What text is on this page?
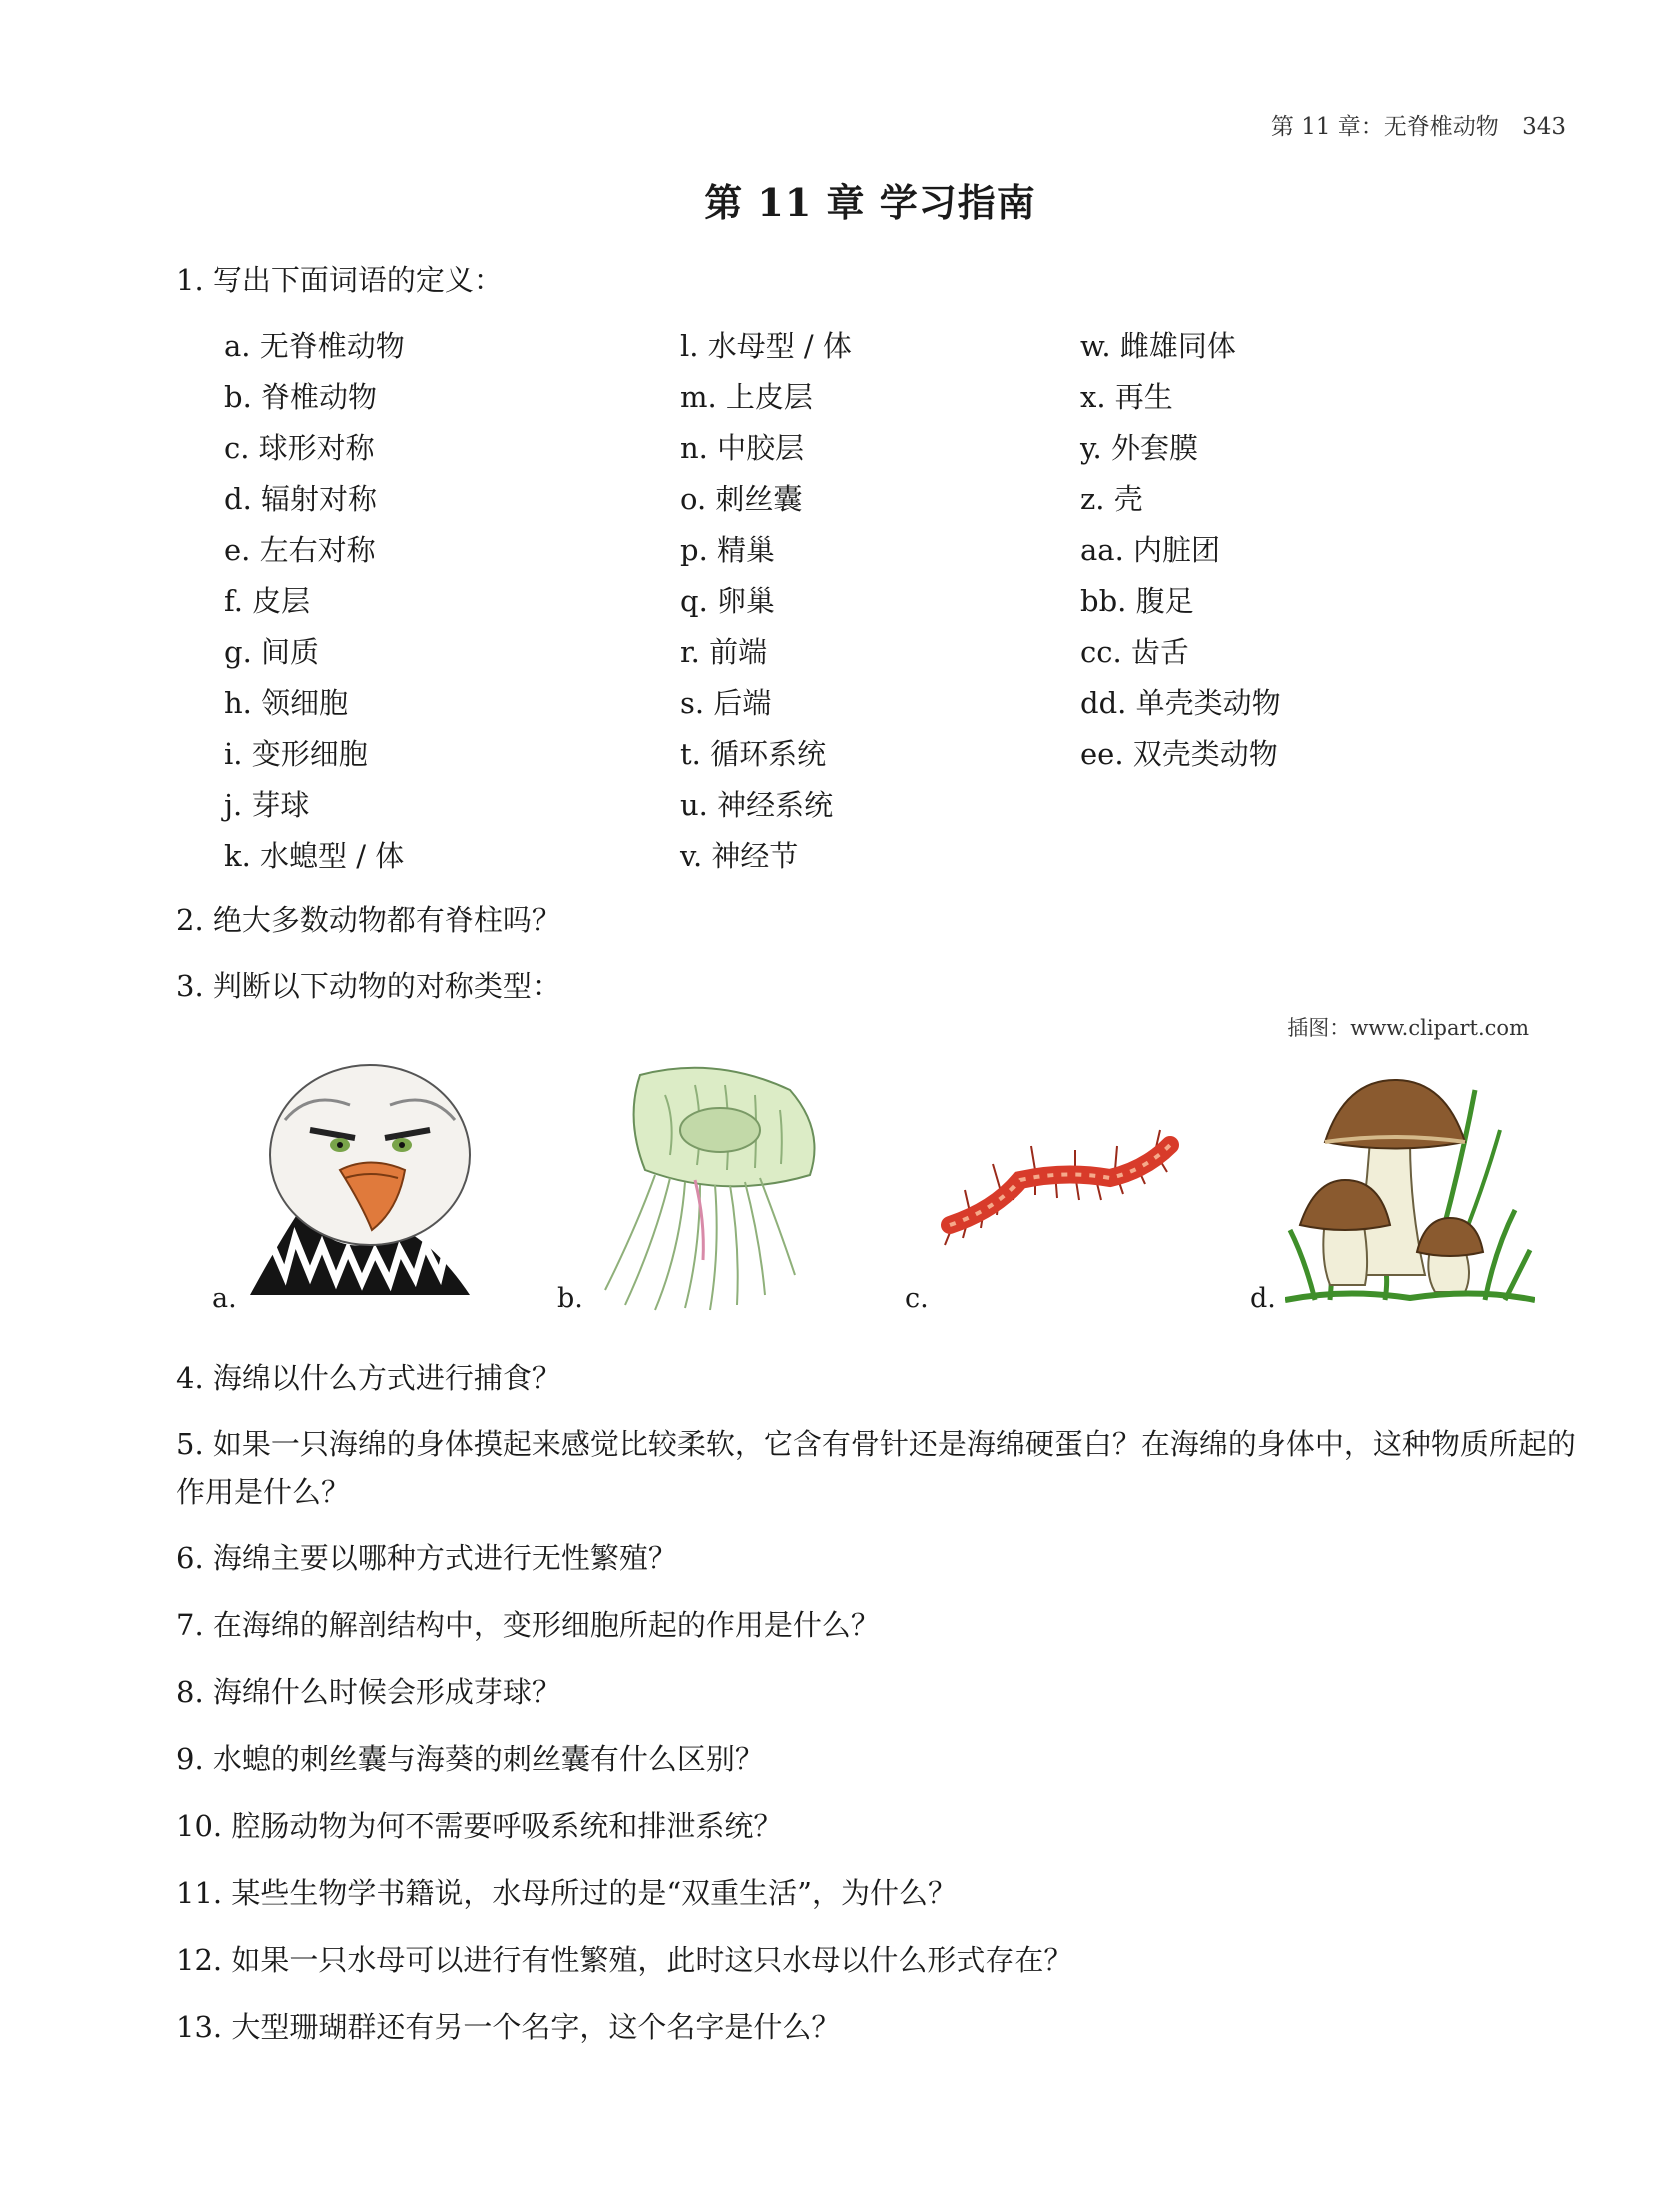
第 11 章：无脊椎动物 343
第 11 章 学习指南
1. 写出下面词语的定义：
a. 无脊椎动物
b. 脊椎动物
c. 球形对称
d. 辐射对称
e. 左右对称
f. 皮层
g. 间质
h. 领细胞
i. 变形细胞
j. 芽球
k. 水螅型 / 体
l. 水母型 / 体
m. 上皮层
n. 中胶层
o. 刺丝囊
p. 精巢
q. 卵巢
r. 前端
s. 后端
t. 循环系统
u. 神经系统
v. 神经节
w. 雌雄同体
x. 再生
y. 外套膜
z. 壳
aa. 内脏团
bb. 腹足
cc. 齿舌
dd. 单壳类动物
ee. 双壳类动物
2. 绝大多数动物都有脊柱吗？
3. 判断以下动物的对称类型：
插图：www.clipart.com
a.	b.	c.	d.
4. 海绵以什么方式进行捕食？
5. 如果一只海绵的身体摸起来感觉比较柔软，它含有骨针还是海绵硬蛋白？在海绵的身体中，这种物质所起的作用是什么？
6. 海绵主要以哪种方式进行无性繁殖？
7. 在海绵的解剖结构中，变形细胞所起的作用是什么？
8. 海绵什么时候会形成芽球？
9. 水螅的刺丝囊与海葵的刺丝囊有什么区别？
10. 腔肠动物为何不需要呼吸系统和排泄系统？
11. 某些生物学书籍说，水母所过的是“双重生活”，为什么？
12. 如果一只水母可以进行有性繁殖，此时这只水母以什么形式存在？
13. 大型珊瑚群还有另一个名字，这个名字是什么？
